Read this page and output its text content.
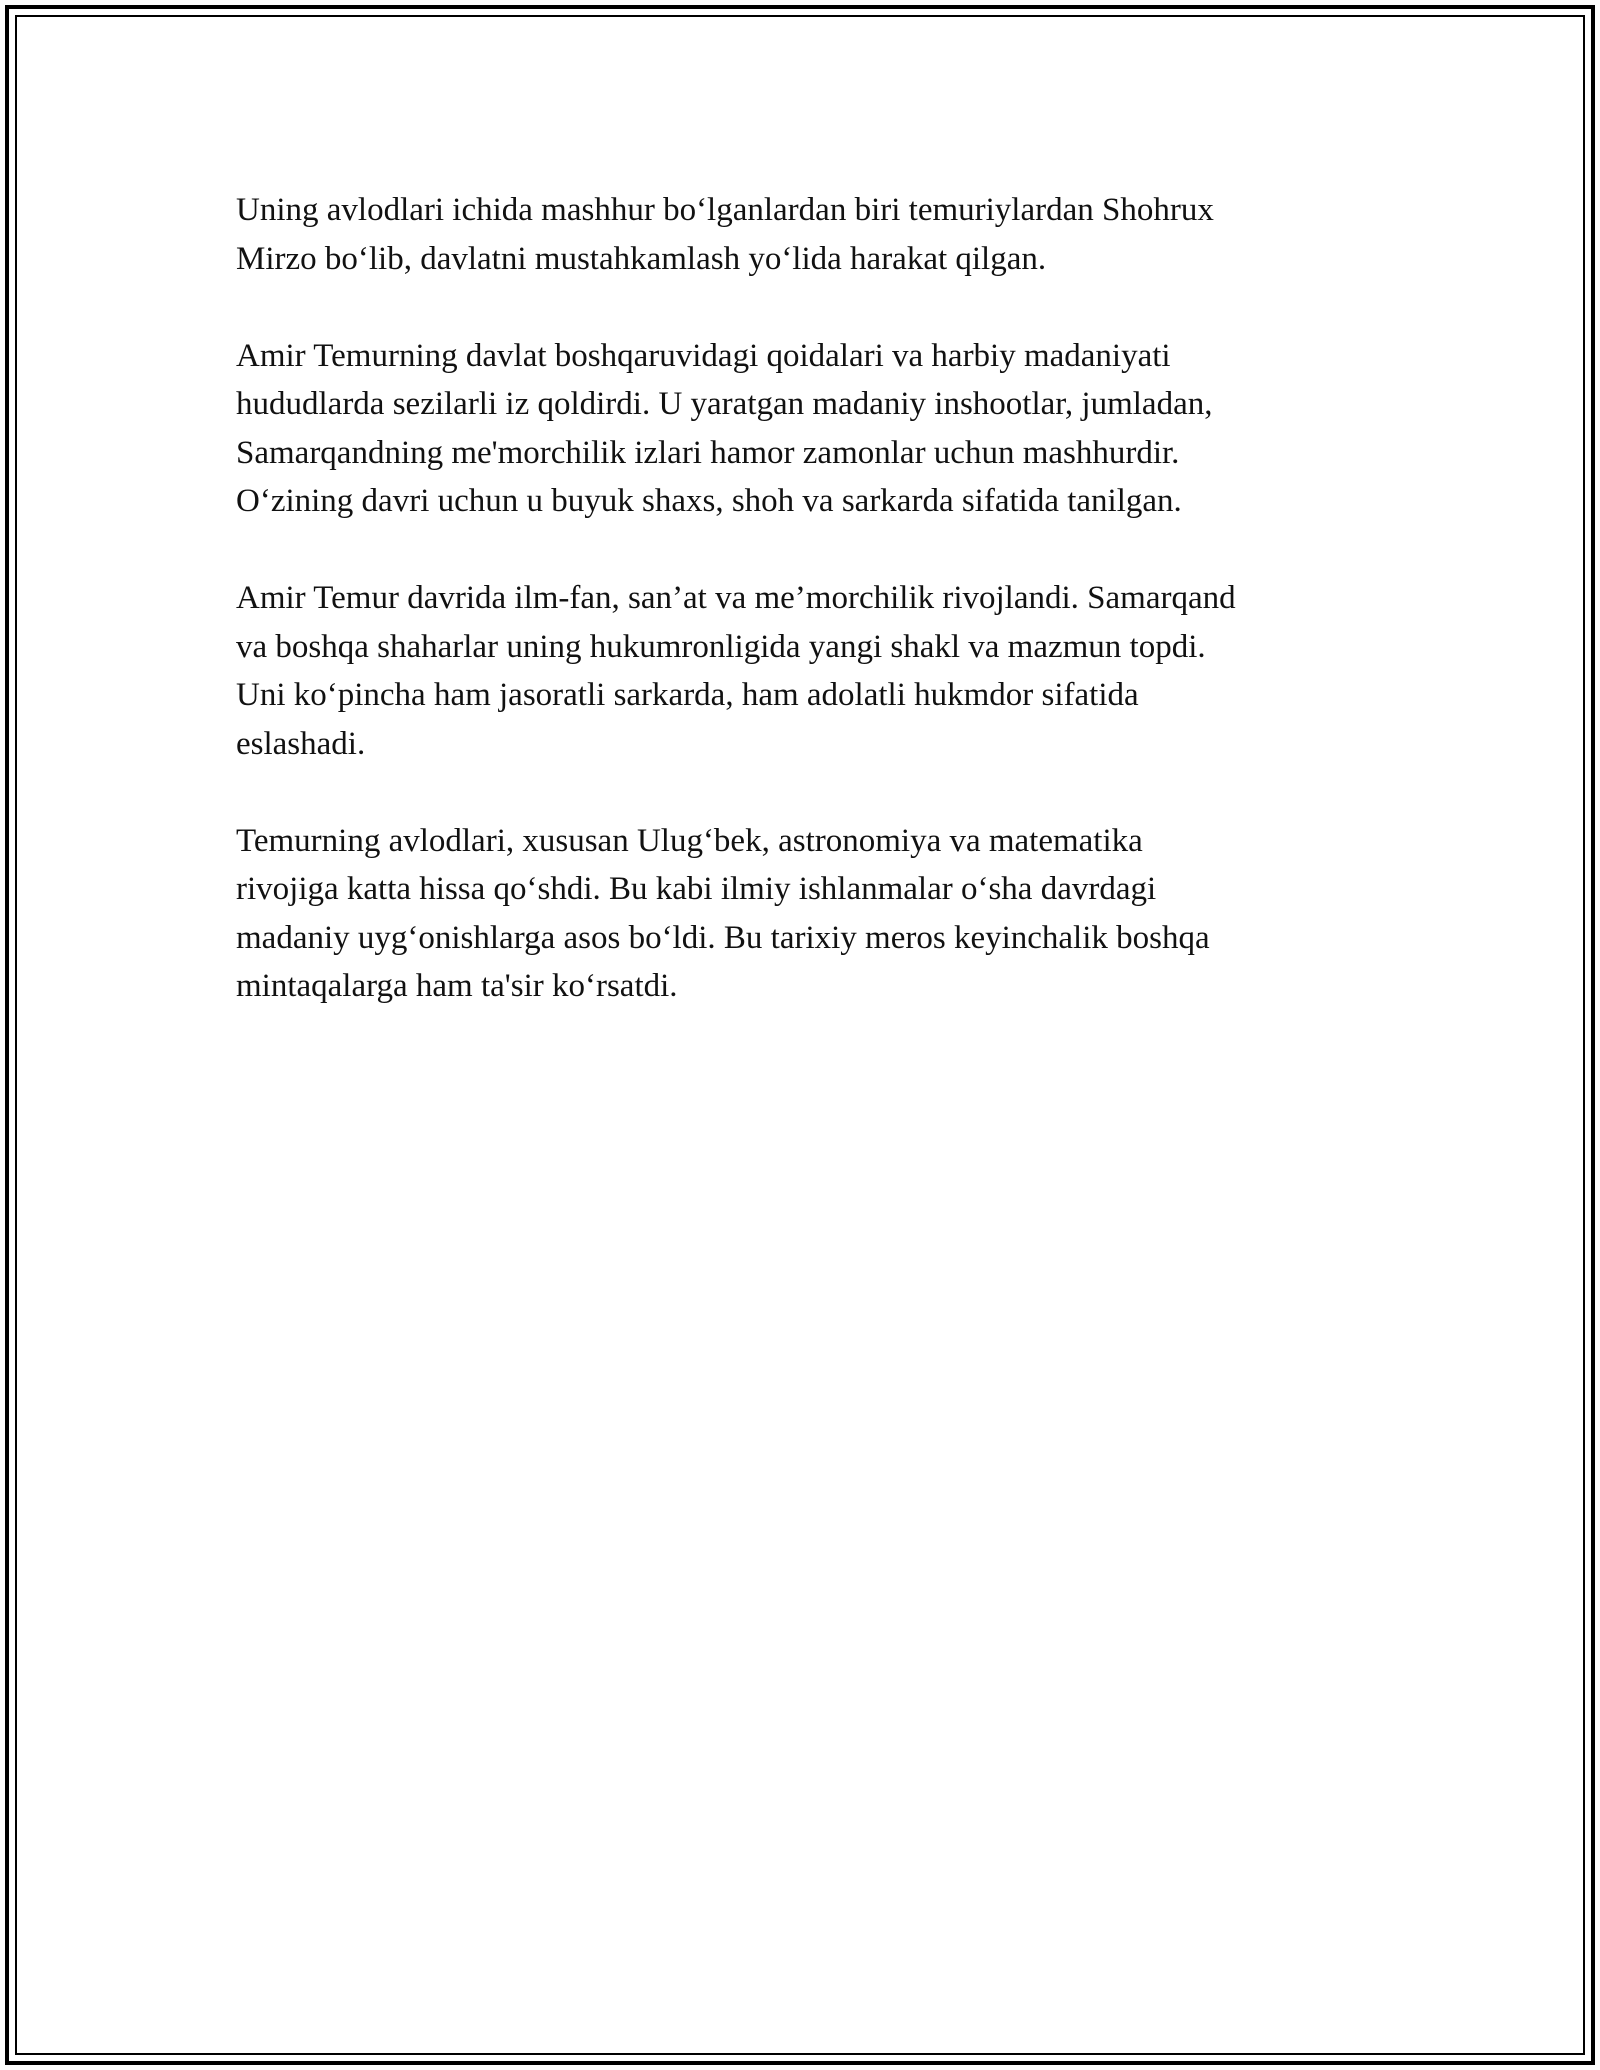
Uning avlodlari ichida mashhur bo‘lganlardan biri temuriylardan Shohrux
Mirzo bo‘lib, davlatni mustahkamlash yo‘lida harakat qilgan.

Amir Temurning davlat boshqaruvidagi qoidalari va harbiy madaniyati
hududlarda sezilarli iz qoldirdi. U yaratgan madaniy inshootlar, jumladan,
Samarqandning me'morchilik izlari hamor zamonlar uchun mashhurdir.
O‘zining davri uchun u buyuk shaxs, shoh va sarkarda sifatida tanilgan.

Amir Temur davrida ilm-fan, san’at va me’morchilik rivojlandi. Samarqand
va boshqa shaharlar uning hukumronligida yangi shakl va mazmun topdi.
Uni ko‘pincha ham jasoratli sarkarda, ham adolatli hukmdor sifatida
eslashadi.

Temurning avlodlari, xususan Ulug‘bek, astronomiya va matematika
rivojiga katta hissa qo‘shdi. Bu kabi ilmiy ishlanmalar o‘sha davrdagi
madaniy uyg‘onishlarga asos bo‘ldi. Bu tarixiy meros keyinchalik boshqa
mintaqalarga ham ta'sir ko‘rsatdi.
